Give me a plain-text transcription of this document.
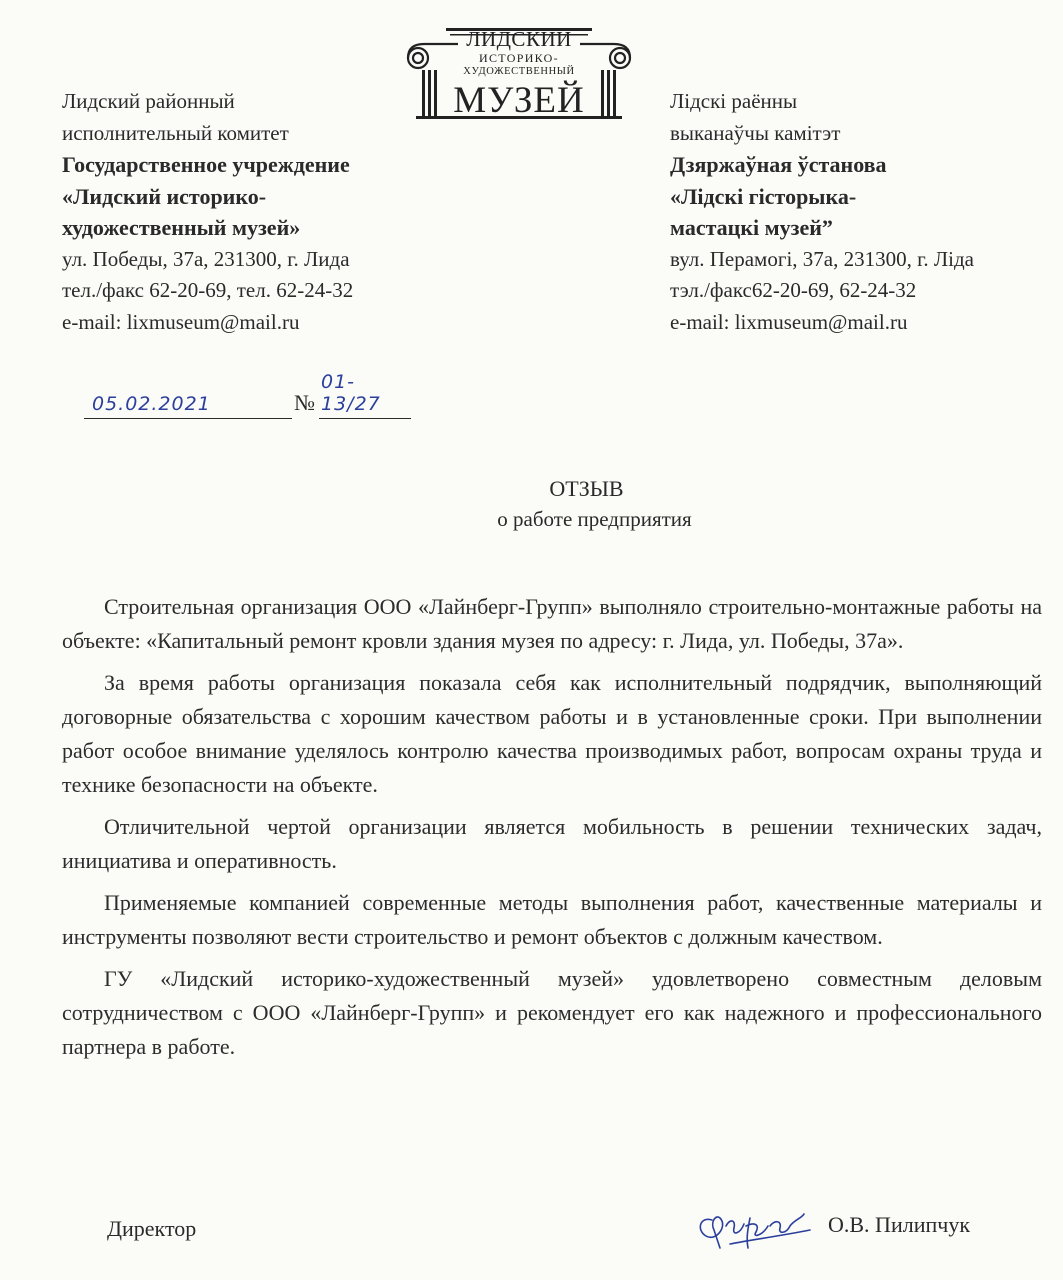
ЛИДСКИЙ
ИСТОРИКО-
ХУДОЖЕСТВЕННЫЙ
МУЗЕЙ
Лидский районный
исполнительный комитет
Государственное учреждение
«Лидский историко-
художественный музей»
ул. Победы, 37а, 231300, г. Лида
тел./факс 62-20-69, тел. 62-24-32
e-mail: lixmuseum@mail.ru
Лідскі раённы
выканаўчы камітэт
Дзяржаўная ўстанова
«Лідскі гісторыка-
мастацкі музей”
вул. Перамогі, 37а, 231300, г. Ліда
тэл./факс62-20-69, 62-24-32
e-mail: lixmuseum@mail.ru
05.02.2021	№
01-13/27
ОТЗЫВ
о работе предприятия

Строительная организация ООО «Лайнберг-Групп» выполняло строительно-монтажные работы на объекте: «Капитальный ремонт кровли здания музея по адресу: г. Лида, ул. Победы, 37а».

За время работы организация показала себя как исполнительный подрядчик, выполняющий договорные обязательства с хорошим качеством работы и в установленные сроки. При выполнении работ особое внимание уделялось контролю качества производимых работ, вопросам охраны труда и технике безопасности на объекте.

Отличительной чертой организации является мобильность в решении технических задач, инициатива и оперативность.

Применяемые компанией современные методы выполнения работ, качественные материалы и инструменты позволяют вести строительство и ремонт объектов с должным качеством.

ГУ «Лидский историко-художественный музей» удовлетворено совместным деловым сотрудничеством с ООО «Лайнберг-Групп» и рекомендует его как надежного и профессионального партнера в работе.

Директор	О.В. Пилипчук
